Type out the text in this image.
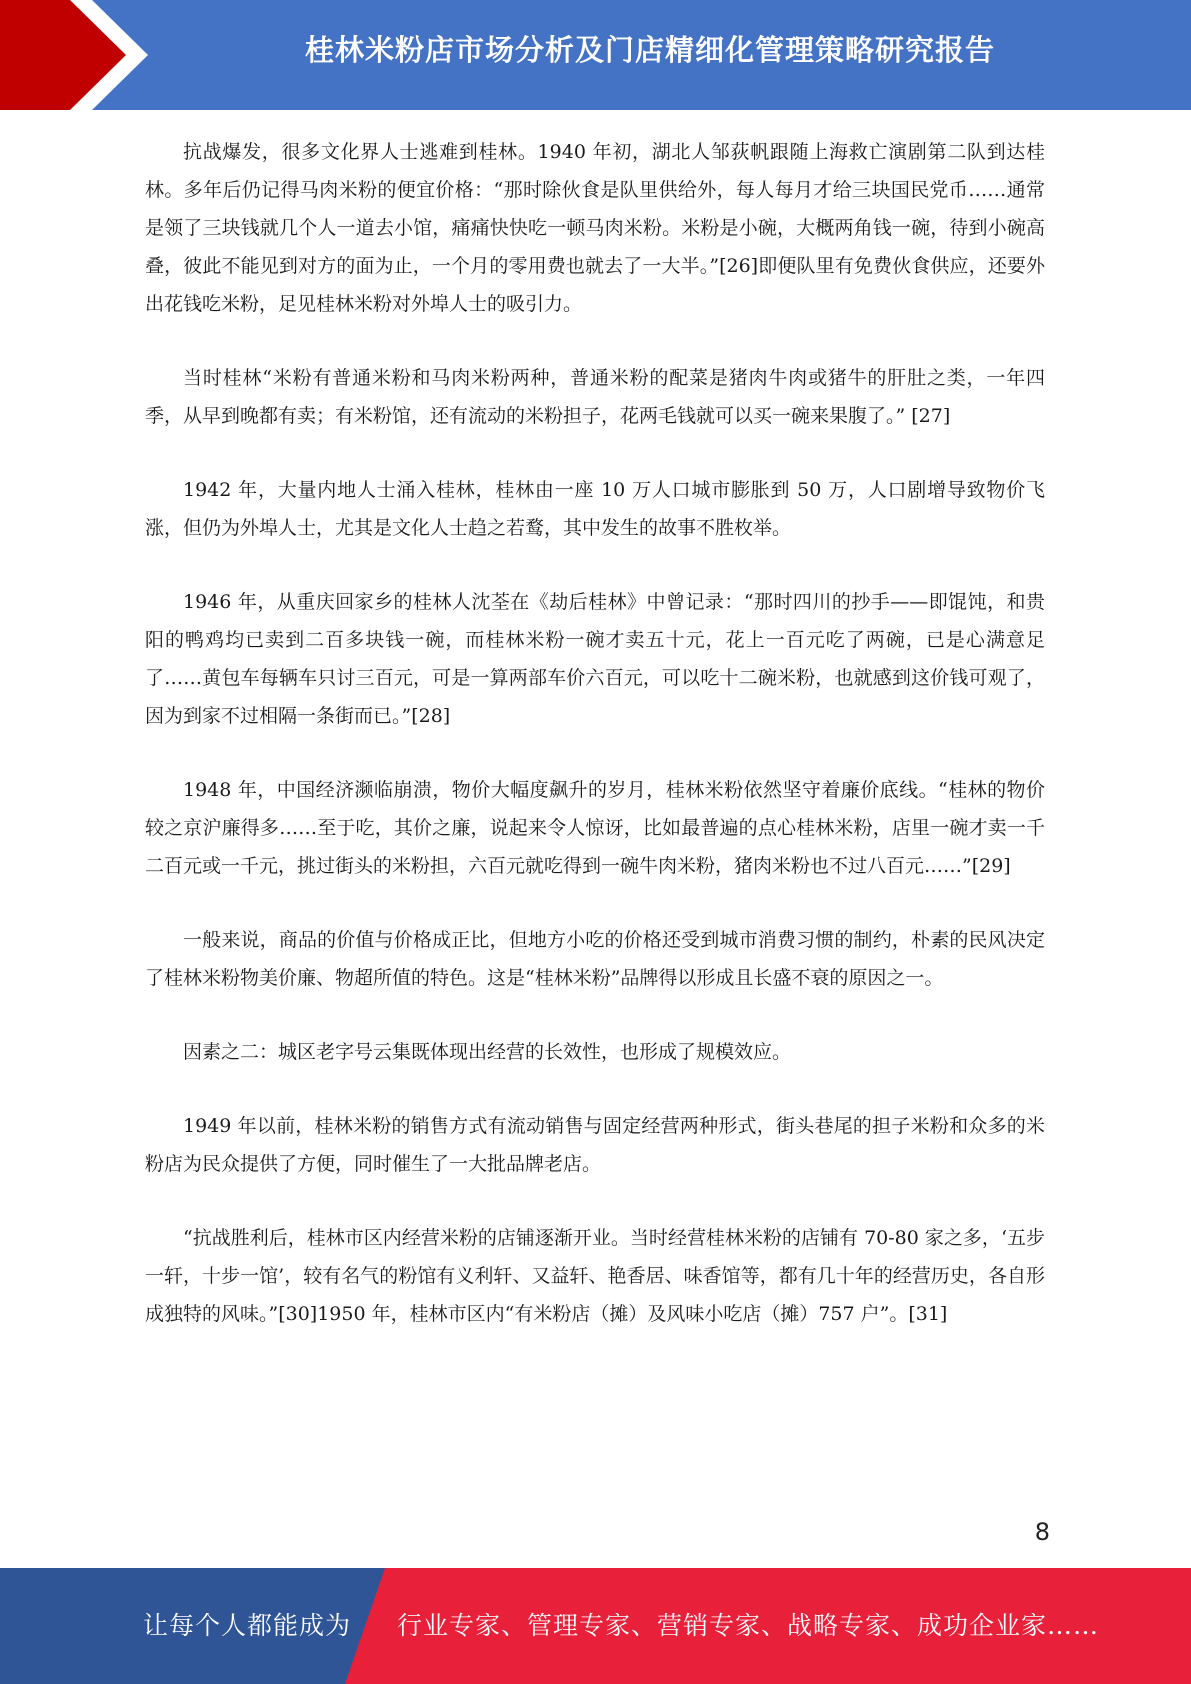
桂林米粉店市场分析及门店精细化管理策略研究报告

抗战爆发，很多文化界人士逃难到桂林。1940 年初，湖北人邹荻帆跟随上海救亡演剧第二队到达桂林。多年后仍记得马肉米粉的便宜价格：“那时除伙食是队里供给外，每人每月才给三块国民党币……通常是领了三块钱就几个人一道去小馆，痛痛快快吃一顿马肉米粉。米粉是小碗，大概两角钱一碗，待到小碗高叠，彼此不能见到对方的面为止，一个月的零用费也就去了一大半。”[26]即便队里有免费伙食供应，还要外出花钱吃米粉，足见桂林米粉对外埠人士的吸引力。

当时桂林“米粉有普通米粉和马肉米粉两种，普通米粉的配菜是猪肉牛肉或猪牛的肝肚之类，一年四季，从早到晚都有卖；有米粉馆，还有流动的米粉担子，花两毛钱就可以买一碗来果腹了。” [27]

1942 年，大量内地人士涌入桂林，桂林由一座 10 万人口城市膨胀到 50 万，人口剧增导致物价飞涨，但仍为外埠人士，尤其是文化人士趋之若鹜，其中发生的故事不胜枚举。

1946 年，从重庆回家乡的桂林人沈荃在《劫后桂林》中曾记录：“那时四川的抄手——即馄饨，和贵阳的鸭鸡均已卖到二百多块钱一碗，而桂林米粉一碗才卖五十元，花上一百元吃了两碗，已是心满意足了……黄包车每辆车只讨三百元，可是一算两部车价六百元，可以吃十二碗米粉，也就感到这价钱可观了，因为到家不过相隔一条街而已。”[28]

1948 年，中国经济濒临崩溃，物价大幅度飙升的岁月，桂林米粉依然坚守着廉价底线。“桂林的物价较之京沪廉得多……至于吃，其价之廉，说起来令人惊讶，比如最普遍的点心桂林米粉，店里一碗才卖一千二百元或一千元，挑过街头的米粉担，六百元就吃得到一碗牛肉米粉，猪肉米粉也不过八百元……”[29]

一般来说，商品的价值与价格成正比，但地方小吃的价格还受到城市消费习惯的制约，朴素的民风决定了桂林米粉物美价廉、物超所值的特色。这是“桂林米粉”品牌得以形成且长盛不衰的原因之一。

因素之二：城区老字号云集既体现出经营的长效性，也形成了规模效应。

1949 年以前，桂林米粉的销售方式有流动销售与固定经营两种形式，街头巷尾的担子米粉和众多的米粉店为民众提供了方便，同时催生了一大批品牌老店。

“抗战胜利后，桂林市区内经营米粉的店铺逐渐开业。当时经营桂林米粉的店铺有 70-80 家之多，‘五步一轩，十步一馆’，较有名气的粉馆有义利轩、又益轩、艳香居、味香馆等，都有几十年的经营历史，各自形成独特的风味。”[30]1950 年，桂林市区内“有米粉店（摊）及风味小吃店（摊）757 户”。[31]

8
让每个人都能成为 行业专家、管理专家、营销专家、战略专家、成功企业家……
